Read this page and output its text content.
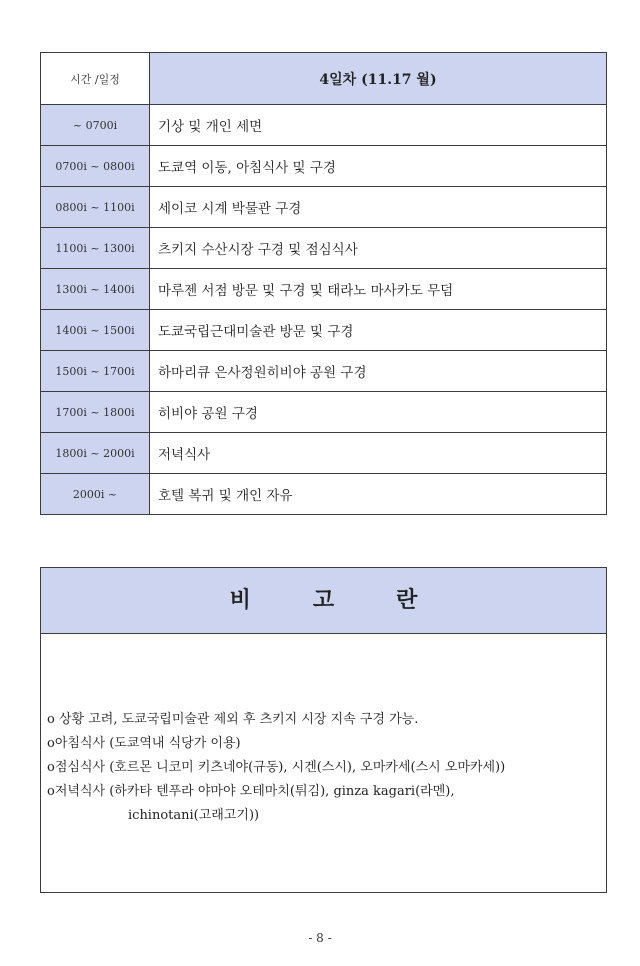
시간 /일정	4일차 (11.17 월)
~ 0700i	기상 및 개인 세면
0700i ~ 0800i	도쿄역 이동, 아침식사 및 구경
0800i ~ 1100i	세이코 시계 박물관 구경
1100i ~ 1300i	츠키지 수산시장 구경 및 점심식사
1300i ~ 1400i	마루젠 서점 방문 및 구경 및 태라노 마사카도 무덤
1400i ~ 1500i	도쿄국립근대미술관 방문 및 구경
1500i ~ 1700i	하마리큐 은사정원히비야 공원 구경
1700i ~ 1800i	히비야 공원 구경
1800i ~ 2000i	저녁식사
2000i ~	호텔 복귀 및 개인 자유
비고란
o 상황 고려, 도쿄국립미술관 제외 후 츠키지 시장 지속 구경 가능.
o아침식사 (도쿄역내 식당가 이용)
o점심식사 (호르몬 니코미 키츠네야(규동), 시겐(스시), 오마카세(스시 오마카세))
o저녁식사 (하카타 텐푸라 야마야 오테마치(튀김), ginza kagari(라멘),
ichinotani(고래고기))
- 8 -
